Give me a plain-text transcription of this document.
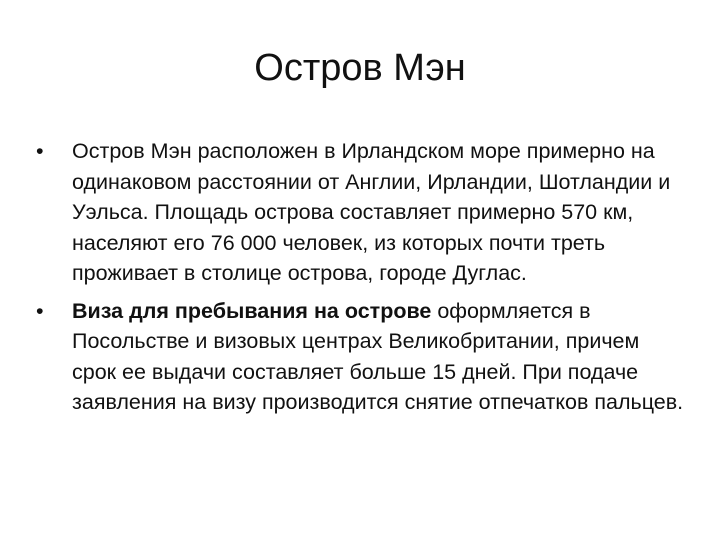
Остров Мэн
•	Остров Мэн расположен в Ирландском море примерно на одинаковом расстоянии от Англии, Ирландии, Шотландии и Уэльса. Площадь острова составляет примерно 570 км, населяют его 76 000 человек, из которых почти треть проживает в столице острова, городе Дуглас.
•	Виза для пребывания на острове оформляется в Посольстве и визовых центрах Великобритании, причем срок ее выдачи составляет больше 15 дней. При подаче заявления на визу производится снятие отпечатков пальцев.
